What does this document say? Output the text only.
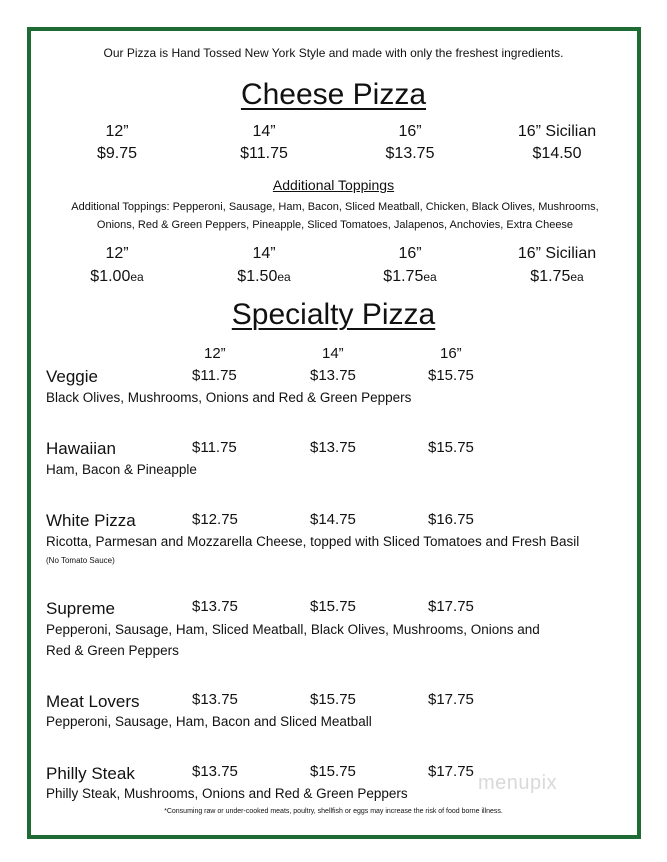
Our Pizza is Hand Tossed New York Style and made with only the freshest ingredients.
Cheese Pizza
12”	14”	16”	16” Sicilian
$9.75	$11.75	$13.75	$14.50
Additional Toppings
Additional Toppings: Pepperoni, Sausage, Ham, Bacon, Sliced Meatball, Chicken, Black Olives, Mushrooms,
Onions, Red & Green Peppers, Pineapple, Sliced Tomatoes, Jalapenos, Anchovies, Extra Cheese
12”	14”	16”	16” Sicilian
$1.00ea	$1.50ea	$1.75ea	$1.75ea
Specialty Pizza
12”	14”	16”
Veggie	$11.75	$13.75	$15.75
Black Olives, Mushrooms, Onions and Red & Green Peppers
Hawaiian	$11.75	$13.75	$15.75
Ham, Bacon & Pineapple
White Pizza	$12.75	$14.75	$16.75
Ricotta, Parmesan and Mozzarella Cheese, topped with Sliced Tomatoes and Fresh Basil
(No Tomato Sauce)
Supreme	$13.75	$15.75	$17.75
Pepperoni, Sausage, Ham, Sliced Meatball, Black Olives, Mushrooms, Onions and
Red & Green Peppers
Meat Lovers	$13.75	$15.75	$17.75
Pepperoni, Sausage, Ham, Bacon and Sliced Meatball
Philly Steak	$13.75	$15.75	$17.75
Philly Steak, Mushrooms, Onions and Red & Green Peppers
*Consuming raw or under-cooked meats, poultry, shellfish or eggs may increase the risk of food borne illness.
menupix
